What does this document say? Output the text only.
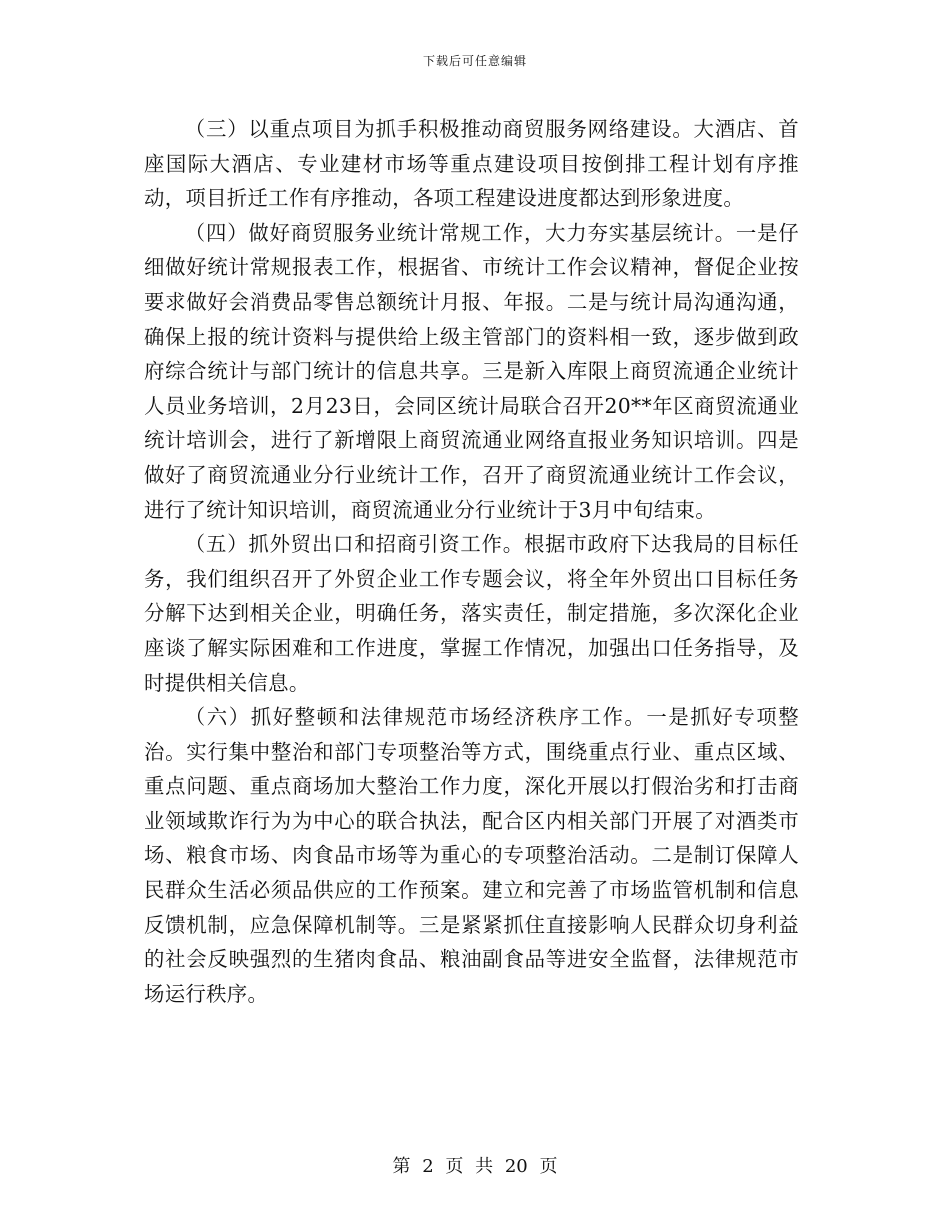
下载后可任意编辑

（三）以重点项目为抓手积极推动商贸服务网络建设。大酒店、首座国际大酒店、专业建材市场等重点建设项目按倒排工程计划有序推动，项目折迁工作有序推动，各项工程建设进度都达到形象进度。

（四）做好商贸服务业统计常规工作，大力夯实基层统计。一是仔细做好统计常规报表工作，根据省、市统计工作会议精神，督促企业按要求做好会消费品零售总额统计月报、年报。二是与统计局沟通沟通，确保上报的统计资料与提供给上级主管部门的资料相一致，逐步做到政府综合统计与部门统计的信息共享。三是新入库限上商贸流通企业统计人员业务培训，2月23日，会同区统计局联合召开20**年区商贸流通业统计培训会，进行了新增限上商贸流通业网络直报业务知识培训。四是做好了商贸流通业分行业统计工作，召开了商贸流通业统计工作会议，进行了统计知识培训，商贸流通业分行业统计于3月中旬结束。

（五）抓外贸出口和招商引资工作。根据市政府下达我局的目标任务，我们组织召开了外贸企业工作专题会议，将全年外贸出口目标任务分解下达到相关企业，明确任务，落实责任，制定措施，多次深化企业座谈了解实际困难和工作进度，掌握工作情况，加强出口任务指导，及时提供相关信息。

（六）抓好整顿和法律规范市场经济秩序工作。一是抓好专项整治。实行集中整治和部门专项整治等方式，围绕重点行业、重点区域、重点问题、重点商场加大整治工作力度，深化开展以打假治劣和打击商业领域欺诈行为为中心的联合执法，配合区内相关部门开展了对酒类市场、粮食市场、肉食品市场等为重心的专项整治活动。二是制订保障人民群众生活必须品供应的工作预案。建立和完善了市场监管机制和信息反馈机制，应急保障机制等。三是紧紧抓住直接影响人民群众切身利益的社会反映强烈的生猪肉食品、粮油副食品等进安全监督，法律规范市场运行秩序。

第 2 页 共 20 页
